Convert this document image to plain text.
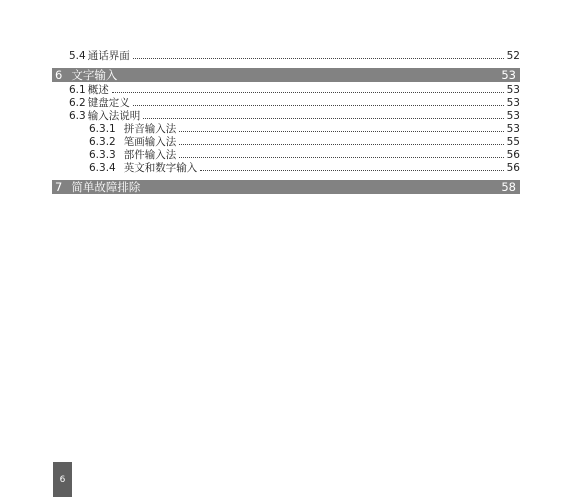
5.4 通话界面	52
6 文字输入	53
6.1 概述	53
6.2 键盘定义	53
6.3 输入法说明	53
6.3.1 拼音输入法	53
6.3.2 笔画输入法	55
6.3.3 部件输入法	56
6.3.4 英文和数字输入	56
7 简单故障排除	58
6
